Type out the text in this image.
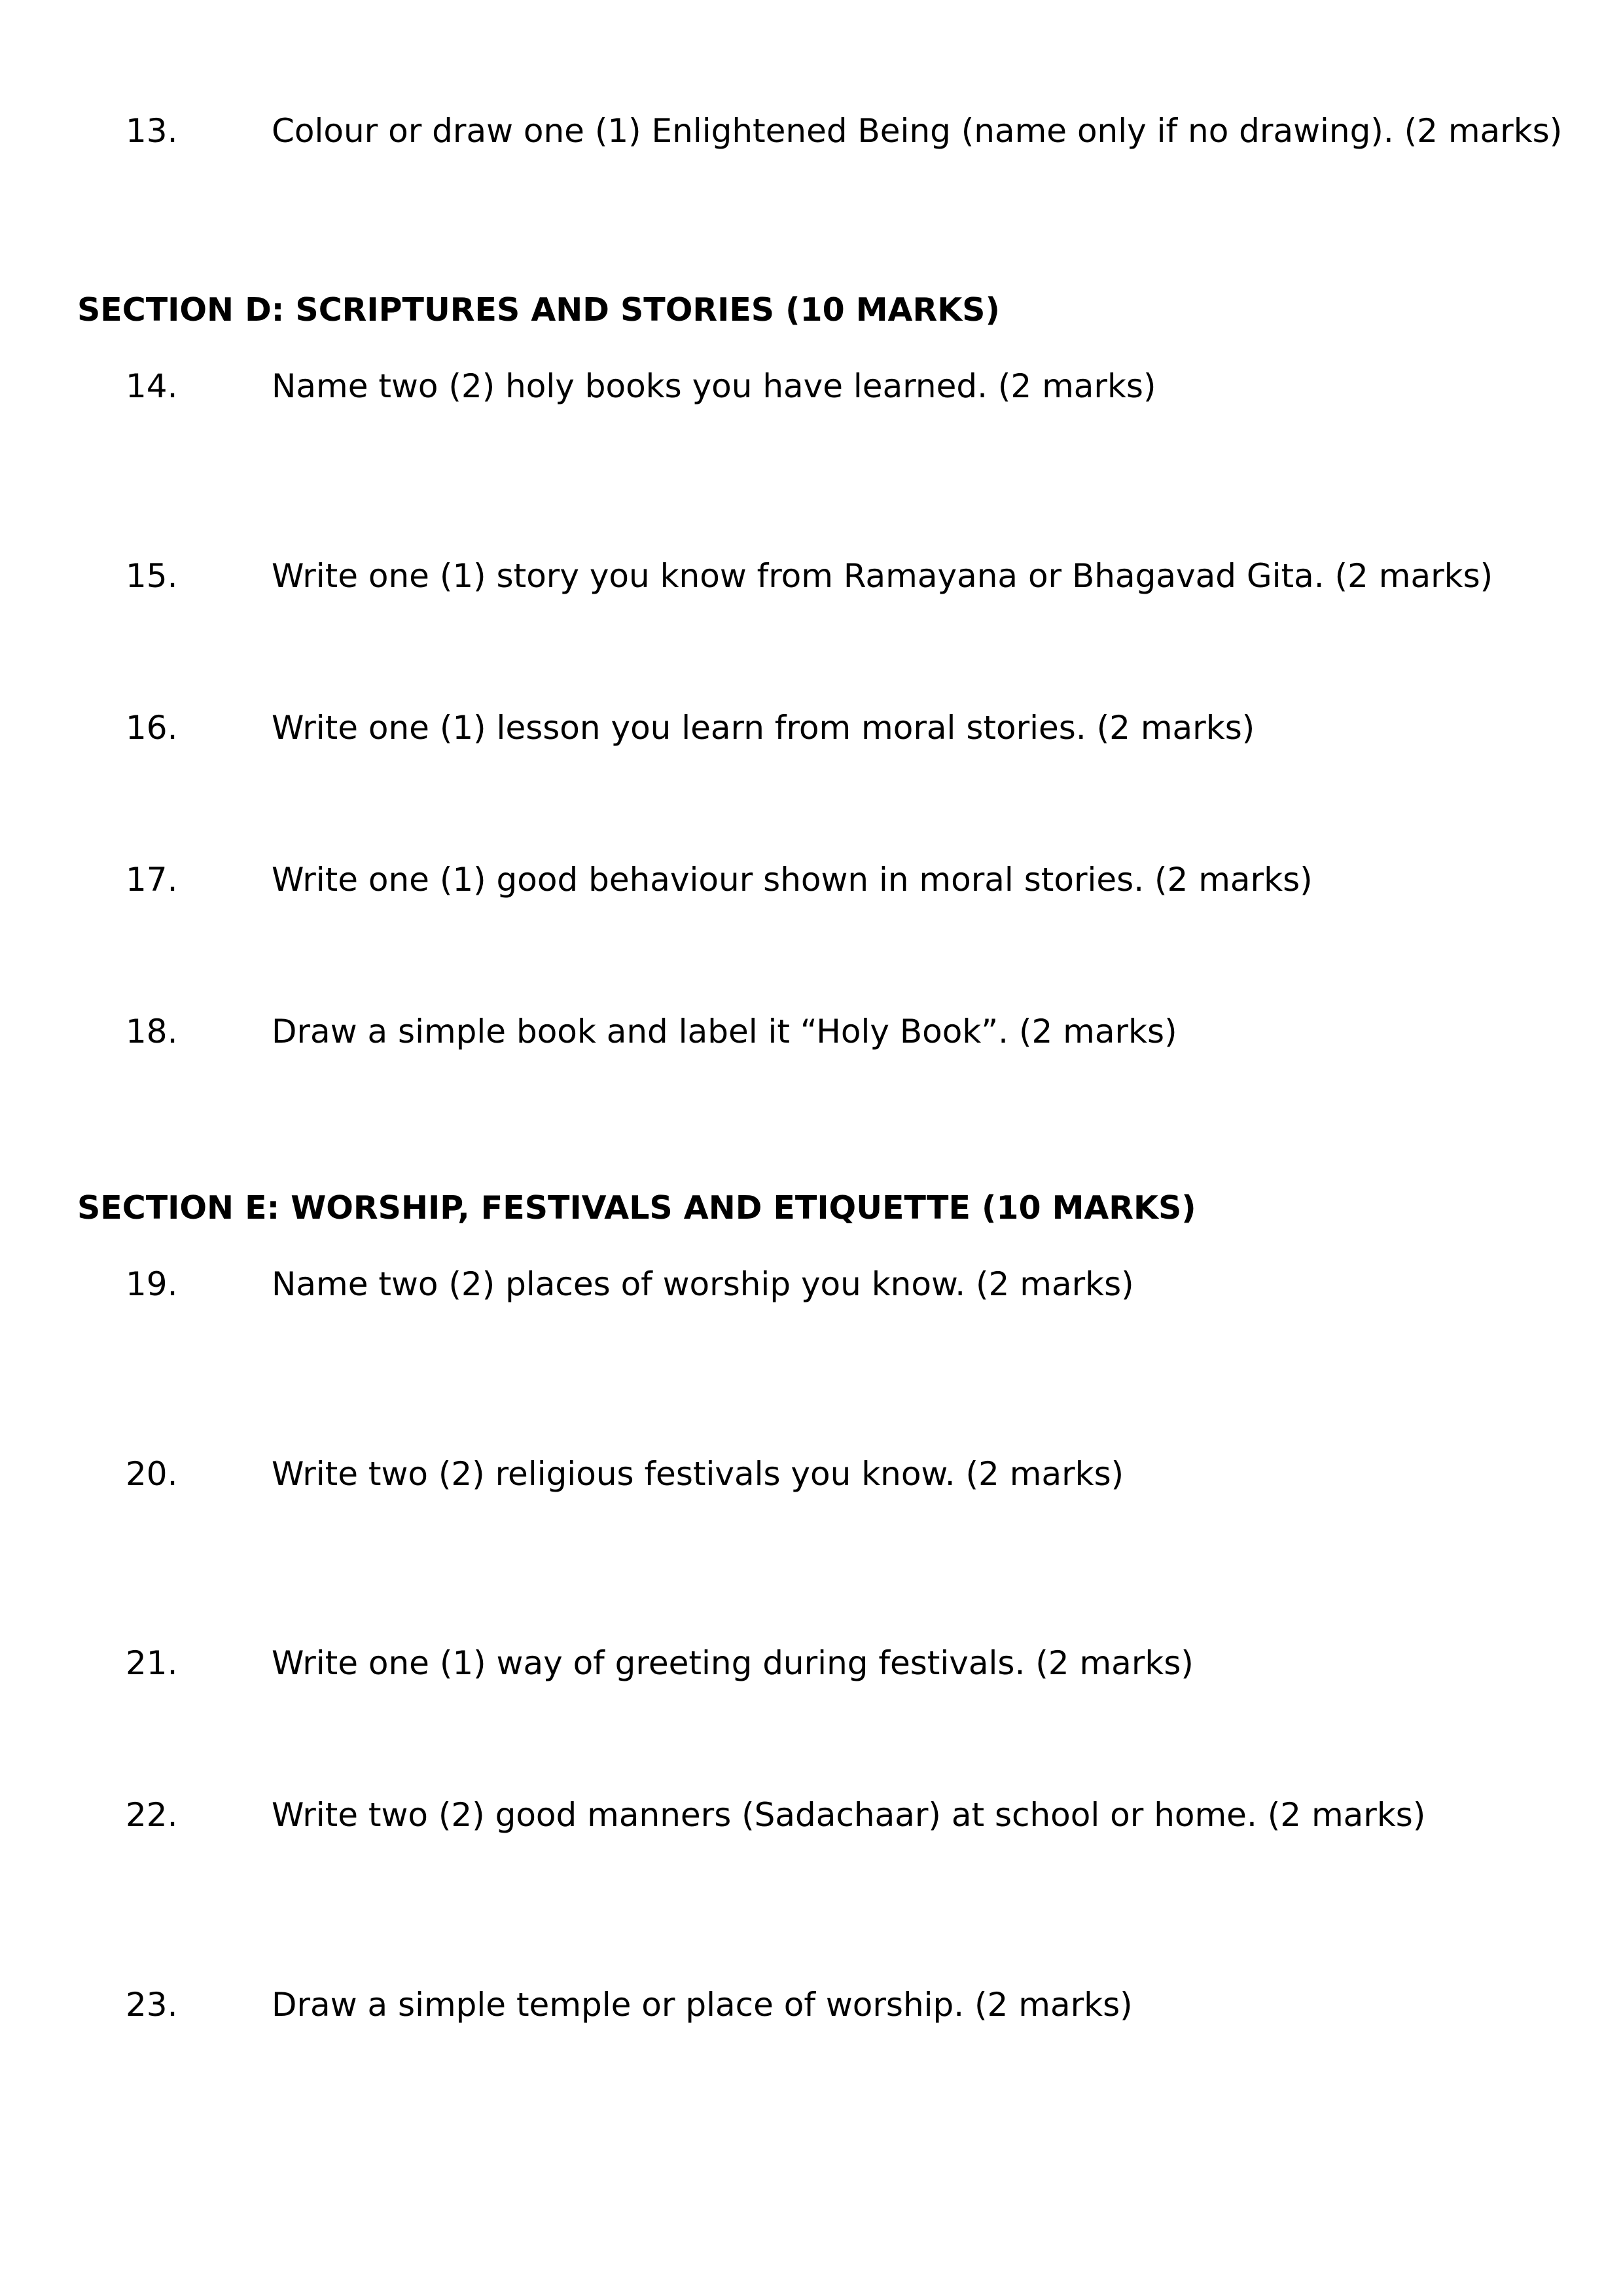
13.	Colour or draw one (1) Enlightened Being (name only if no drawing). (2 marks)
SECTION D: SCRIPTURES AND STORIES (10 MARKS)
14.	Name two (2) holy books you have learned. (2 marks)
15.	Write one (1) story you know from Ramayana or Bhagavad Gita. (2 marks)
16.	Write one (1) lesson you learn from moral stories. (2 marks)
17.	Write one (1) good behaviour shown in moral stories. (2 marks)
18.	Draw a simple book and label it “Holy Book”. (2 marks)
SECTION E: WORSHIP, FESTIVALS AND ETIQUETTE (10 MARKS)
19.	Name two (2) places of worship you know. (2 marks)
20.	Write two (2) religious festivals you know. (2 marks)
21.	Write one (1) way of greeting during festivals. (2 marks)
22.	Write two (2) good manners (Sadachaar) at school or home. (2 marks)
23.	Draw a simple temple or place of worship. (2 marks)
